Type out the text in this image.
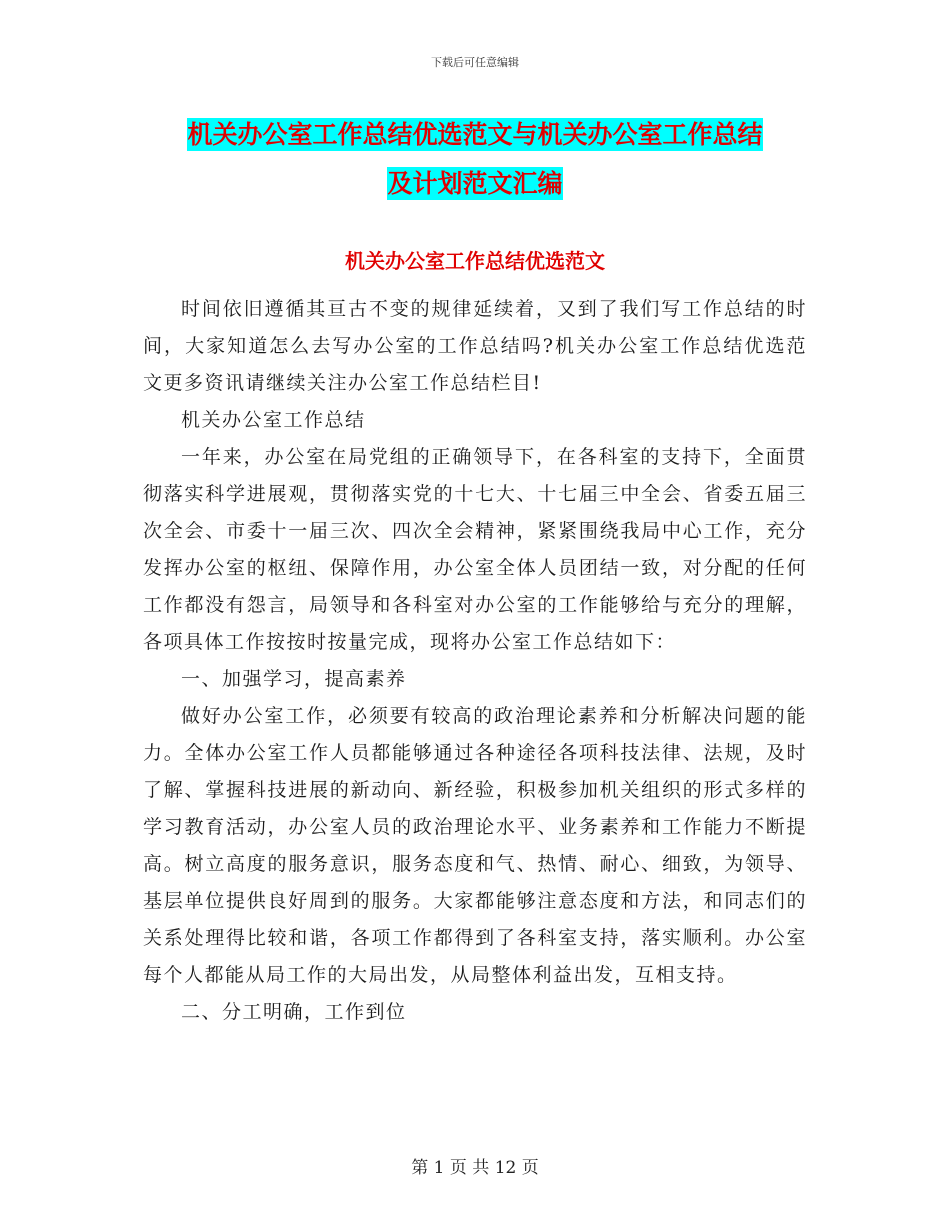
下载后可任意编辑
机关办公室工作总结优选范文与机关办公室工作总结
及计划范文汇编
机关办公室工作总结优选范文

时间依旧遵循其亘古不变的规律延续着，又到了我们写工作总结的时间，大家知道怎么去写办公室的工作总结吗?机关办公室工作总结优选范文更多资讯请继续关注办公室工作总结栏目!

机关办公室工作总结

一年来，办公室在局党组的正确领导下，在各科室的支持下，全面贯彻落实科学进展观，贯彻落实党的十七大、十七届三中全会、省委五届三次全会、市委十一届三次、四次全会精神，紧紧围绕我局中心工作，充分发挥办公室的枢纽、保障作用，办公室全体人员团结一致，对分配的任何工作都没有怨言，局领导和各科室对办公室的工作能够给与充分的理解，各项具体工作按按时按量完成，现将办公室工作总结如下：

一、加强学习，提高素养

做好办公室工作，必须要有较高的政治理论素养和分析解决问题的能力。全体办公室工作人员都能够通过各种途径各项科技法律、法规，及时了解、掌握科技进展的新动向、新经验，积极参加机关组织的形式多样的学习教育活动，办公室人员的政治理论水平、业务素养和工作能力不断提高。树立高度的服务意识，服务态度和气、热情、耐心、细致，为领导、基层单位提供良好周到的服务。大家都能够注意态度和方法，和同志们的关系处理得比较和谐，各项工作都得到了各科室支持，落实顺利。办公室每个人都能从局工作的大局出发，从局整体利益出发，互相支持。

二、分工明确，工作到位

第 1 页 共 12 页
